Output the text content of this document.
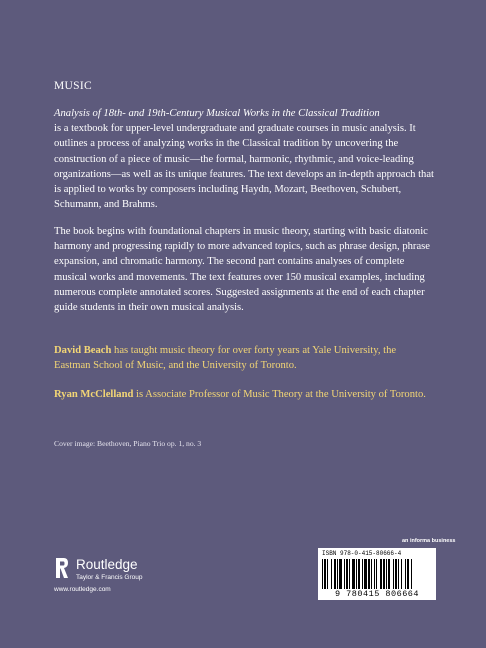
MUSIC
Analysis of 18th- and 19th-Century Musical Works in the Classical Tradition
is a textbook for upper-level undergraduate and graduate courses in music analysis. It outlines a process of analyzing works in the Classical tradition by uncovering the construction of a piece of music—the formal, harmonic, rhythmic, and voice-leading organizations—as well as its unique features. The text develops an in-depth approach that is applied to works by composers including Haydn, Mozart, Beethoven, Schubert, Schumann, and Brahms.
The book begins with foundational chapters in music theory, starting with basic diatonic harmony and progressing rapidly to more advanced topics, such as phrase design, phrase expansion, and chromatic harmony. The second part contains analyses of complete musical works and movements. The text features over 150 musical examples, including numerous complete annotated scores. Suggested assignments at the end of each chapter guide students in their own musical analysis.
David Beach has taught music theory for over forty years at Yale University, the Eastman School of Music, and the University of Toronto.
Ryan McClelland is Associate Professor of Music Theory at the University of Toronto.
Cover image: Beethoven, Piano Trio op. 1, no. 3
Routledge
Taylor & Francis Group
www.routledge.com
an informa business
ISBN 978-0-415-80666-4
9 780415 806664
